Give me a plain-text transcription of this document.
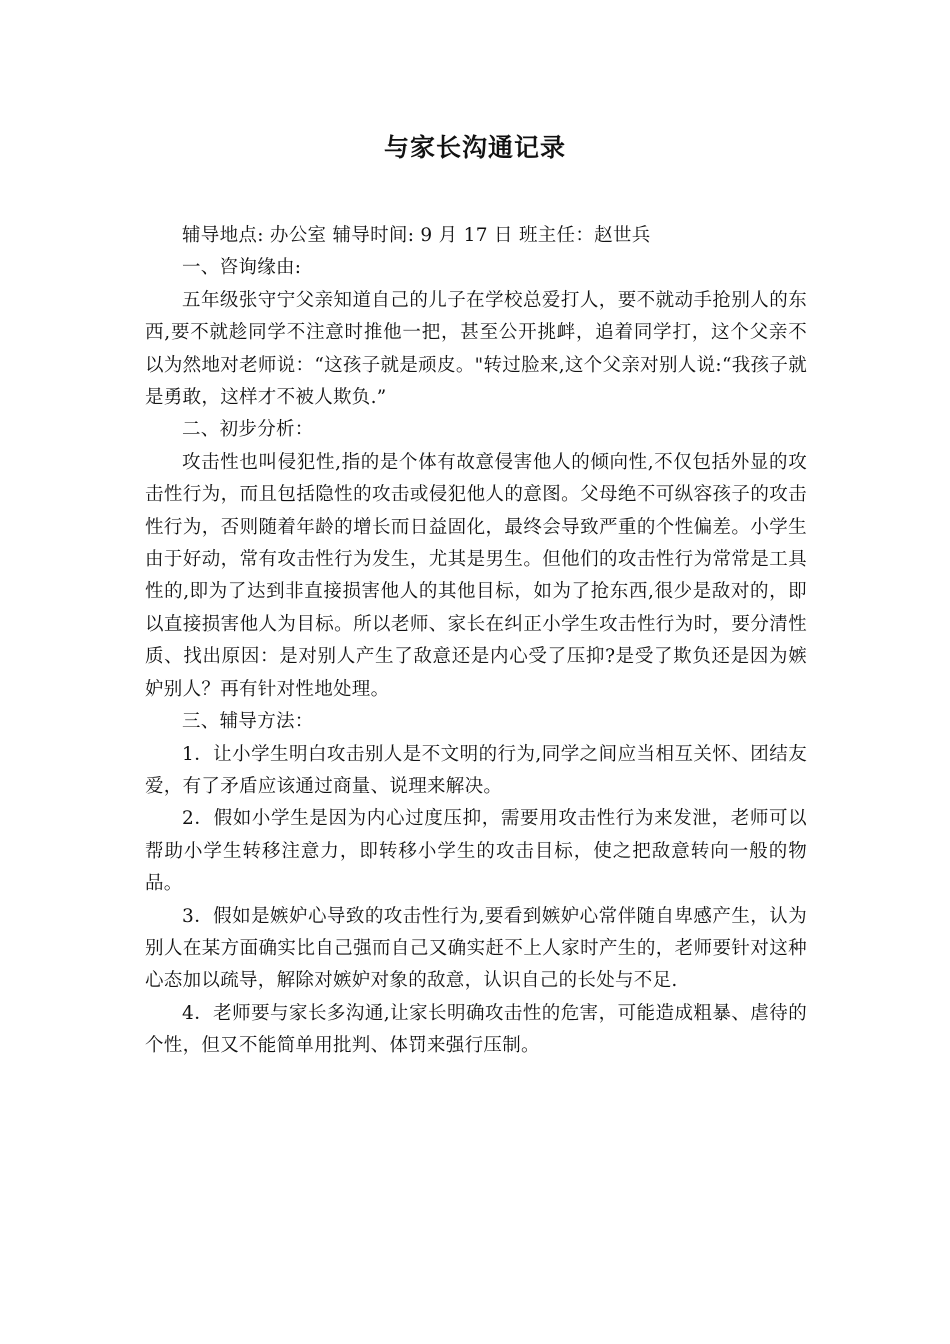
与家长沟通记录

辅导地点: 办公室 辅导时间: 9 月 17 日 班主任：赵世兵

一、咨询缘由:

五年级张守宁父亲知道自己的儿子在学校总爱打人，要不就动手抢别人的东西,要不就趁同学不注意时推他一把，甚至公开挑衅，追着同学打，这个父亲不以为然地对老师说：“这孩子就是顽皮。"转过脸来,这个父亲对别人说:“我孩子就是勇敢，这样才不被人欺负.”

二、初步分析：

攻击性也叫侵犯性,指的是个体有故意侵害他人的倾向性,不仅包括外显的攻击性行为，而且包括隐性的攻击或侵犯他人的意图。父母绝不可纵容孩子的攻击性行为，否则随着年龄的增长而日益固化，最终会导致严重的个性偏差。小学生由于好动，常有攻击性行为发生，尤其是男生。但他们的攻击性行为常常是工具性的,即为了达到非直接损害他人的其他目标，如为了抢东西,很少是敌对的，即以直接损害他人为目标。所以老师、家长在纠正小学生攻击性行为时，要分清性质、找出原因：是对别人产生了敌意还是内心受了压抑?是受了欺负还是因为嫉妒别人？再有针对性地处理。

三、辅导方法：

1．让小学生明白攻击别人是不文明的行为,同学之间应当相互关怀、团结友爱，有了矛盾应该通过商量、说理来解决。

2．假如小学生是因为内心过度压抑，需要用攻击性行为来发泄，老师可以帮助小学生转移注意力，即转移小学生的攻击目标，使之把敌意转向一般的物品。

3．假如是嫉妒心导致的攻击性行为,要看到嫉妒心常伴随自卑感产生，认为别人在某方面确实比自己强而自己又确实赶不上人家时产生的，老师要针对这种心态加以疏导，解除对嫉妒对象的敌意，认识自己的长处与不足.

4．老师要与家长多沟通,让家长明确攻击性的危害，可能造成粗暴、虐待的个性，但又不能简单用批判、体罚来强行压制。
